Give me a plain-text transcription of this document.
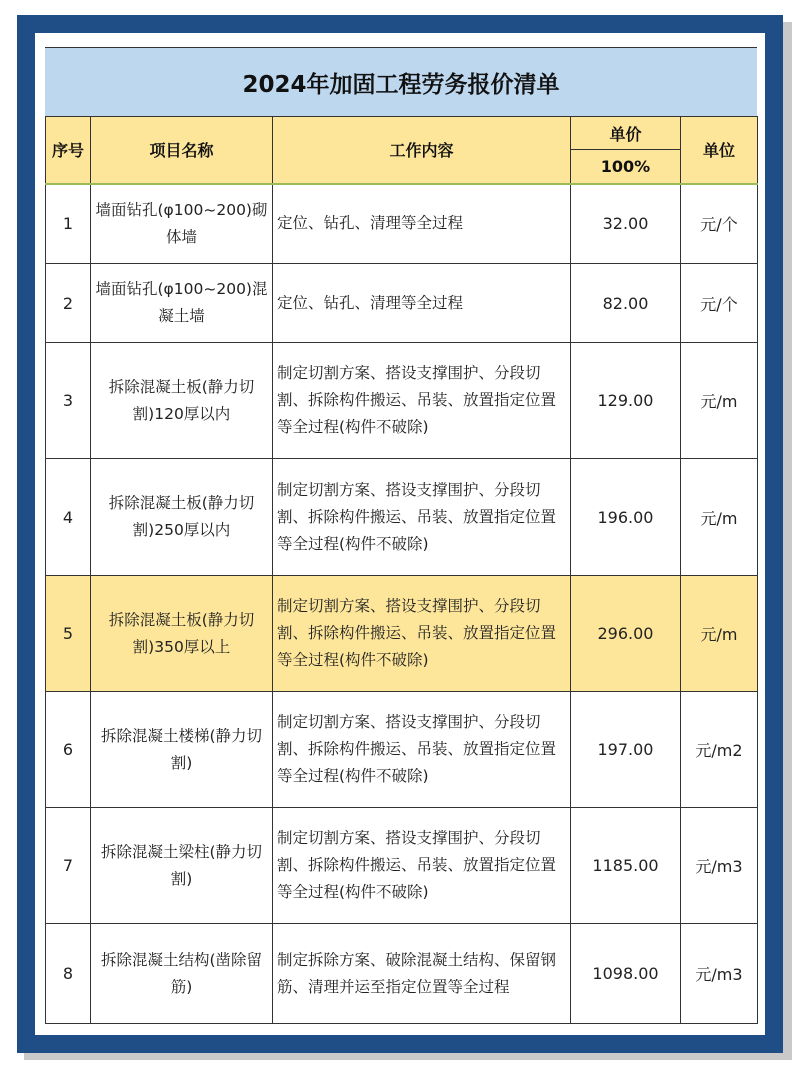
2024年加固工程劳务报价清单
序号	项目名称	工作内容	单价	单位
			100%	
1	墙面钻孔(φ100~200)砌体墙	定位、钻孔、清理等全过程	32.00	元/个
2	墙面钻孔(φ100~200)混凝土墙	定位、钻孔、清理等全过程	82.00	元/个
3	拆除混凝土板(静力切割)120厚以内	制定切割方案、搭设支撑围护、分段切割、拆除构件搬运、吊装、放置指定位置等全过程(构件不破除)	129.00	元/m
4	拆除混凝土板(静力切割)250厚以内	制定切割方案、搭设支撑围护、分段切割、拆除构件搬运、吊装、放置指定位置等全过程(构件不破除)	196.00	元/m
5	拆除混凝土板(静力切割)350厚以上	制定切割方案、搭设支撑围护、分段切割、拆除构件搬运、吊装、放置指定位置等全过程(构件不破除)	296.00	元/m
6	拆除混凝土楼梯(静力切割)	制定切割方案、搭设支撑围护、分段切割、拆除构件搬运、吊装、放置指定位置等全过程(构件不破除)	197.00	元/m2
7	拆除混凝土梁柱(静力切割)	制定切割方案、搭设支撑围护、分段切割、拆除构件搬运、吊装、放置指定位置等全过程(构件不破除)	1185.00	元/m3
8	拆除混凝土结构(凿除留筋)	制定拆除方案、破除混凝土结构、保留钢筋、清理并运至指定位置等全过程	1098.00	元/m3
